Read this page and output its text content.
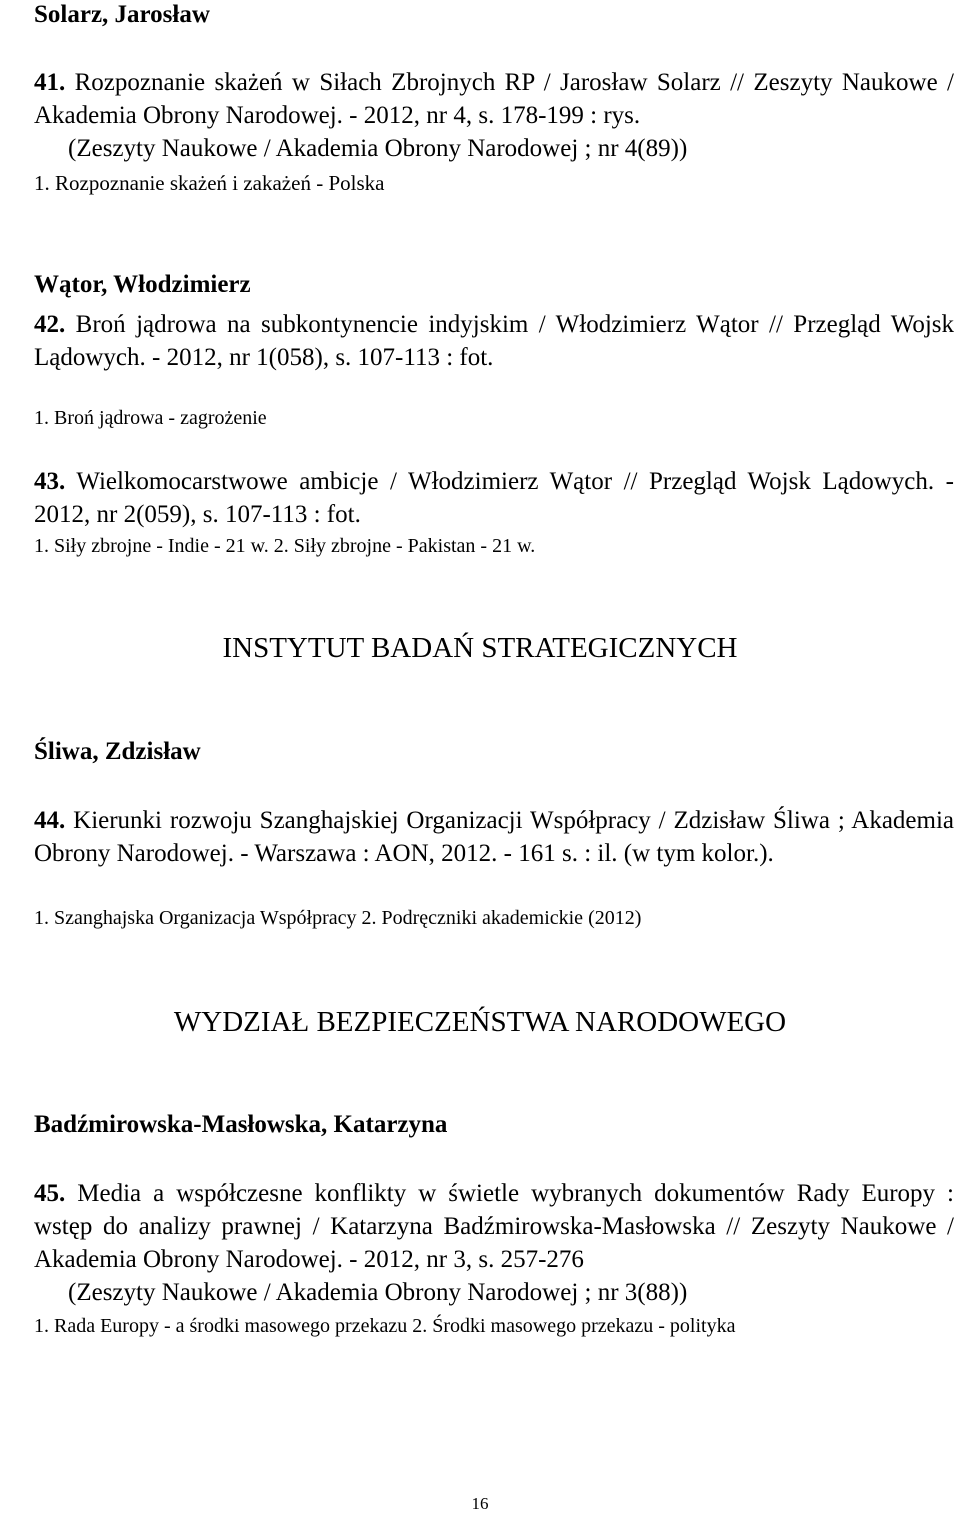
Solarz, Jarosław
41. Rozpoznanie skażeń w Siłach Zbrojnych RP / Jarosław Solarz // Zeszyty Naukowe / Akademia Obrony Narodowej. - 2012, nr 4, s. 178-199 : rys.
(Zeszyty Naukowe / Akademia Obrony Narodowej ; nr 4(89))
1. Rozpoznanie skażeń i zakażeń - Polska
Wątor, Włodzimierz
42. Broń jądrowa na subkontynencie indyjskim / Włodzimierz Wątor // Przegląd Wojsk Lądowych. - 2012, nr 1(058), s. 107-113 : fot.
1. Broń jądrowa - zagrożenie
43. Wielkomocarstwowe ambicje / Włodzimierz Wątor // Przegląd Wojsk Lądowych. - 2012, nr 2(059), s. 107-113 : fot.
1. Siły zbrojne - Indie - 21 w. 2. Siły zbrojne - Pakistan - 21 w.
INSTYTUT BADAŃ STRATEGICZNYCH
Śliwa, Zdzisław
44. Kierunki rozwoju Szanghajskiej Organizacji Współpracy / Zdzisław Śliwa ; Akademia Obrony Narodowej. - Warszawa : AON, 2012. - 161 s. : il. (w tym kolor.).
1. Szanghajska Organizacja Współpracy 2. Podręczniki akademickie (2012)
WYDZIAŁ BEZPIECZEŃSTWA NARODOWEGO
Badźmirowska-Masłowska, Katarzyna
45. Media a współczesne konflikty w świetle wybranych dokumentów Rady Europy : wstęp do analizy prawnej / Katarzyna Badźmirowska-Masłowska // Zeszyty Naukowe / Akademia Obrony Narodowej. - 2012, nr 3, s. 257-276
(Zeszyty Naukowe / Akademia Obrony Narodowej ; nr 3(88))
1. Rada Europy - a środki masowego przekazu 2. Środki masowego przekazu - polityka
16
